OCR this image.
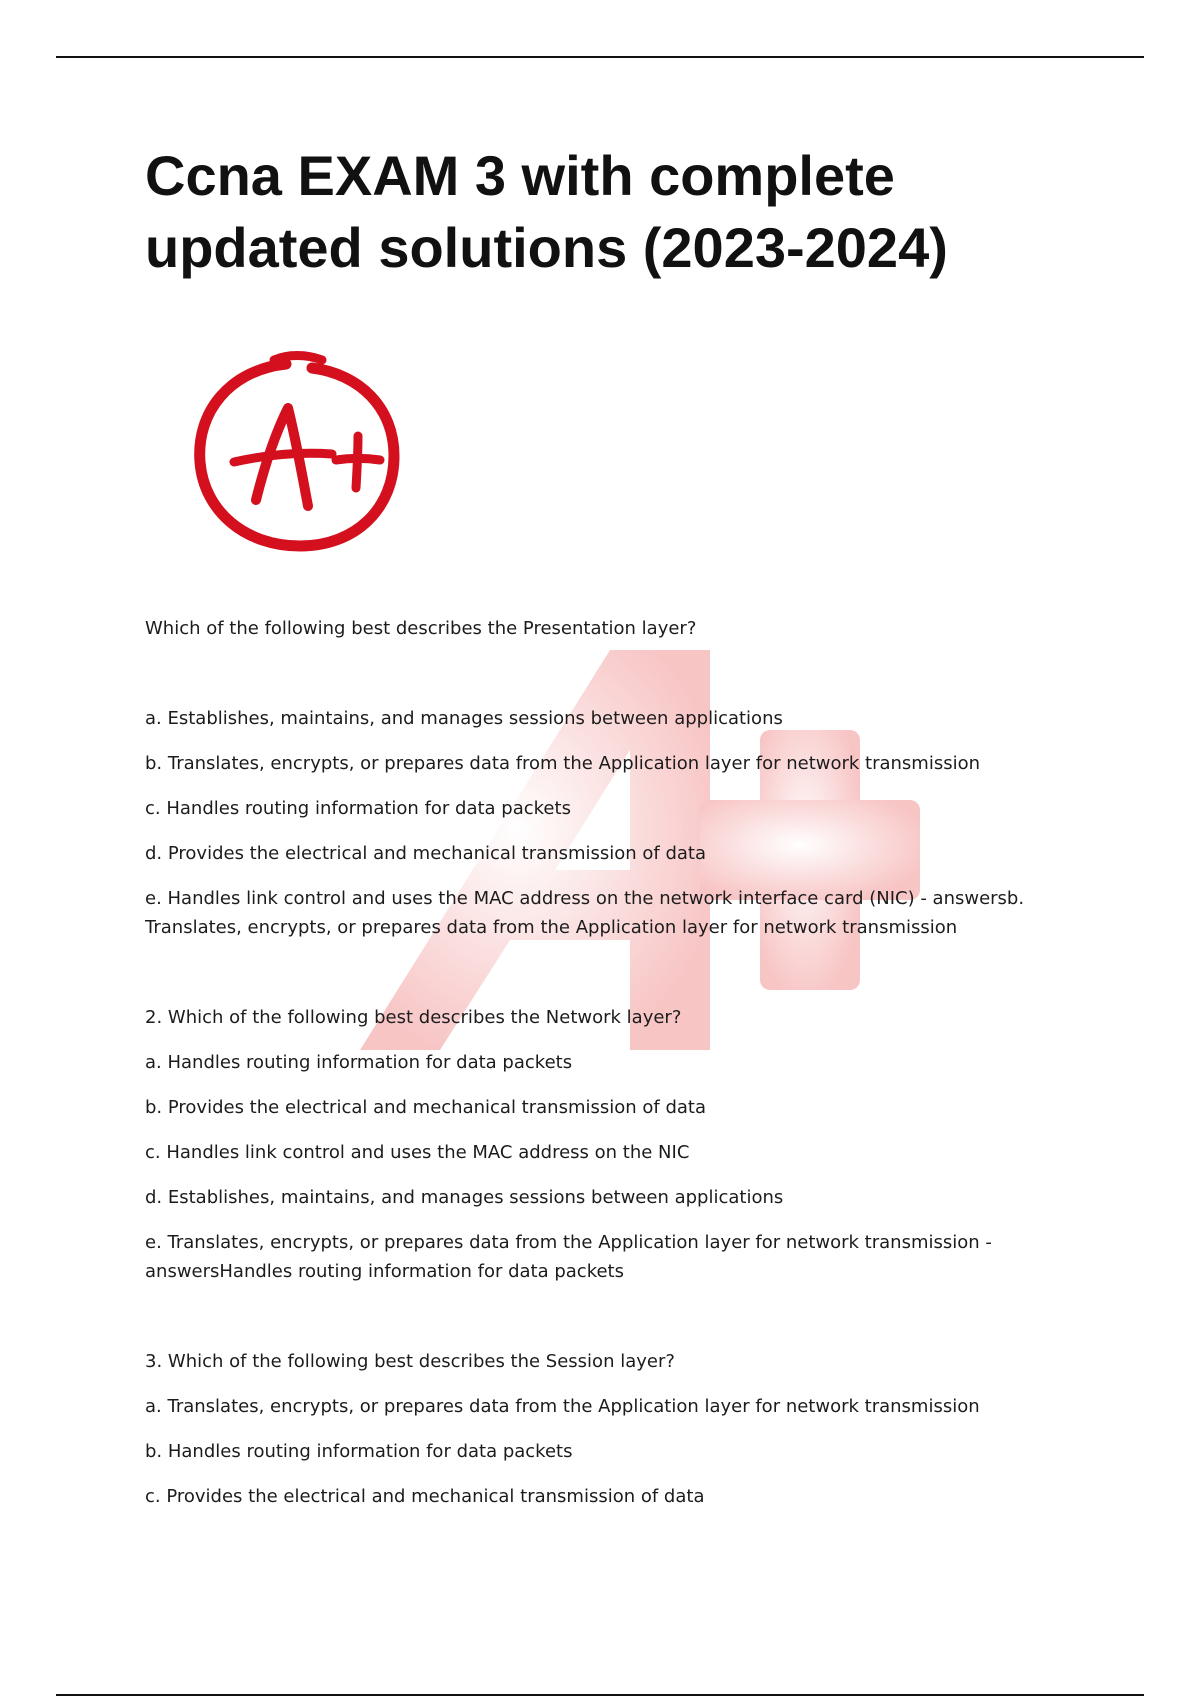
Ccna EXAM 3 with complete updated solutions (2023-2024)

Which of the following best describes the Presentation layer?

a. Establishes, maintains, and manages sessions between applications

b. Translates, encrypts, or prepares data from the Application layer for network transmission

c. Handles routing information for data packets

d. Provides the electrical and mechanical transmission of data

e. Handles link control and uses the MAC address on the network interface card (NIC) - answersb. Translates, encrypts, or prepares data from the Application layer for network transmission

2. Which of the following best describes the Network layer?

a. Handles routing information for data packets

b. Provides the electrical and mechanical transmission of data

c. Handles link control and uses the MAC address on the NIC

d. Establishes, maintains, and manages sessions between applications

e. Translates, encrypts, or prepares data from the Application layer for network transmission - answersHandles routing information for data packets

3. Which of the following best describes the Session layer?

a. Translates, encrypts, or prepares data from the Application layer for network transmission

b. Handles routing information for data packets

c. Provides the electrical and mechanical transmission of data
